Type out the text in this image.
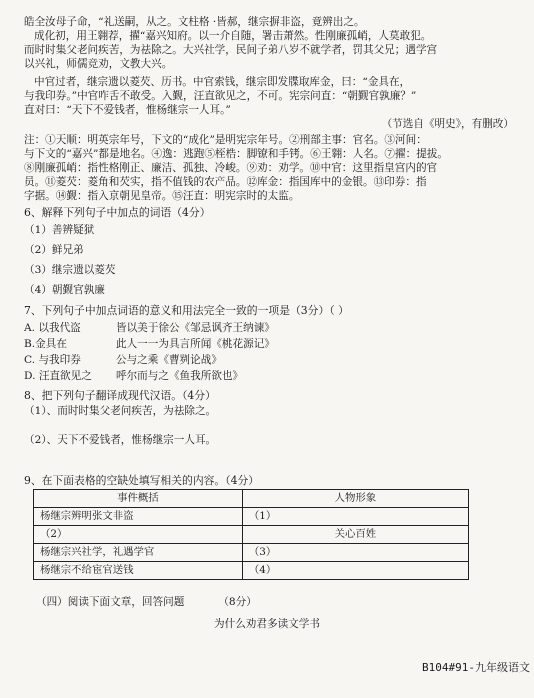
皓全汝母子命，“礼送嗣，从之。文柱格 ·皆郝，继宗摒非盗，竟辨出之。
成化初，用王翱荐，擢“嘉兴知府。以一介自随，署击萧然。性刚廉孤峭，人莫敢犯。
而时时集父老问疾苦，为祛除之。大兴社学，民间子弟八岁不就学者，罚其父兄；遇学宫
以兴礼，师儒竞劝，文教大兴。
中官过者，继宗遗以菱芡、历书。中官索钱，继宗即发牒取库金，曰：“金具在，
与我印券。”中官咋舌不敢受。入觐，汪直欲见之，不可。宪宗问直：“朝觐官孰廉？”
直对曰：“天下不爱钱者，惟杨继宗一人耳。”
（节选自《明史》，有删改）
注：①天顺：明英宗年号，下文的“成化”是明宪宗年号。②刑部主事：官名。③河间：
与下文的“嘉兴”都是地名。④逸：逃跑⑤桎梏：脚镣和手铐。⑥王翱：人名。⑦擢：提拔。
⑧刚廉孤峭：指性格刚正、廉洁、孤独、冷峻。⑨劝：劝学。⑩中官：这里指皇宫内的官
员。⑪菱芡：菱角和芡实，指不值钱的农产品。⑫库金：指国库中的金银。⑬印券：指
字据。⑭觐：指入京朝见皇帝。⑮汪直：明宪宗时的太监。
6、解释下列句子中加点的词语（4分）
（1）善辨疑狱
（2）鲜兄弟
（3）继宗遗以菱芡
（4）朝觐官孰廉
7、下列句子中加点词语的意义和用法完全一致的一项是（3分）（ ）
A. 以我代盗	皆以美于徐公《邹忌讽齐王纳谏》
B.金具在	此人一一为具言所闻《桃花源记》
C. 与我印券	公与之乘《曹刿论战》
D. 汪直欲见之 呼尔而与之《鱼我所欲也》
8、把下列句子翻译成现代汉语。（4分）
（1）、而时时集父老问疾苦，为祛除之。
（2）、天下不爱钱者，惟杨继宗一人耳。
9、在下面表格的空缺处填写相关的内容。（4分）
事件概括	人物形象
杨继宗辨明张文非盗	（1）
（2）	关心百姓
杨继宗兴社学，礼遇学官	（3）
杨继宗不给宦官送钱	（4）
（四）阅读下面文章，回答问题	（8分）
为什么劝君多读文学书
B104#91-九年级语文
